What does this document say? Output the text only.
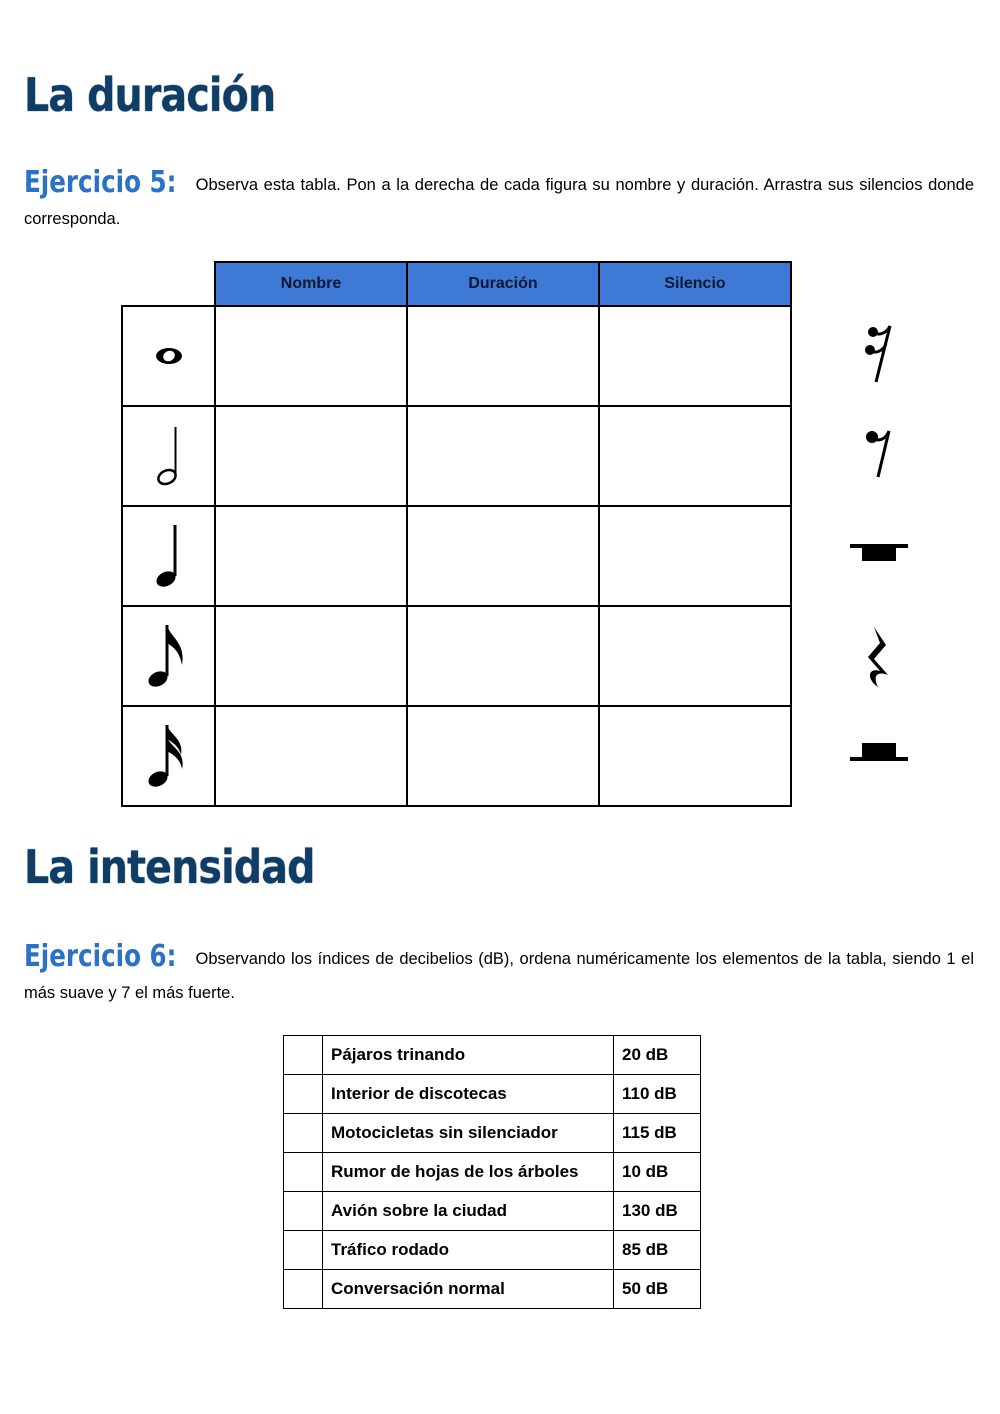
La duración
Ejercicio 5: Observa esta tabla. Pon a la derecha de cada figura su nombre y duración. Arrastra sus silencios donde corresponda.
	Nombre	Duración	Silencio

La intensidad
Ejercicio 6: Observando los índices de decibelios (dB), ordena numéricamente los elementos de la tabla, siendo 1 el más suave y 7 el más fuerte.
	Pájaros trinando	20 dB
	Interior de discotecas	110 dB
	Motocicletas sin silenciador	115 dB
	Rumor de hojas de los árboles	10 dB
	Avión sobre la ciudad	130 dB
	Tráfico rodado	85 dB
	Conversación normal	50 dB
